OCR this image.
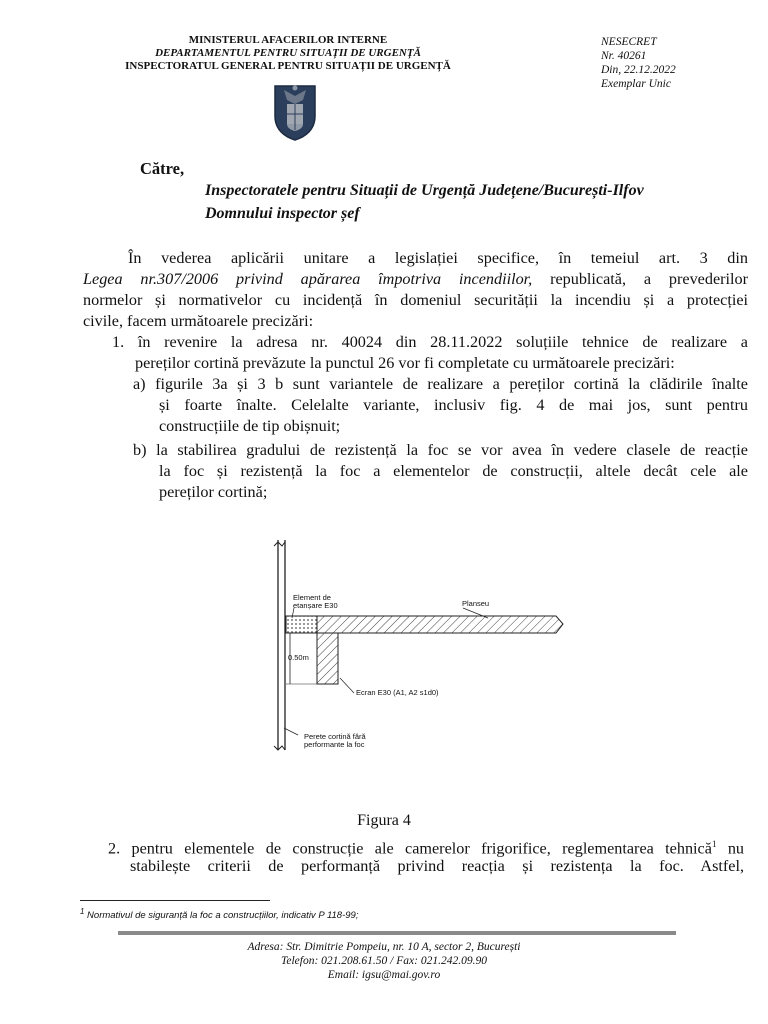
MINISTERUL AFACERILOR INTERNE
DEPARTAMENTUL PENTRU SITUAȚII DE URGENȚĂ
INSPECTORATUL GENERAL PENTRU SITUAȚII DE URGENȚĂ
NESECRET
Nr. 40261
Din, 22.12.2022
Exemplar Unic
Către,
Inspectoratele pentru Situații de Urgență Județene/București-Ilfov
Domnului inspector șef
În vederea aplicării unitare a legislației specifice, în temeiul art. 3 din
Legea nr.307/2006 privind apărarea împotriva incendiilor, republicată, a prevederilor
normelor și normativelor cu incidență în domeniul securității la incendiu și a protecției
civile, facem următoarele precizări:
1. în revenire la adresa nr. 40024 din 28.11.2022 soluțiile tehnice de realizare a
pereților cortină prevăzute la punctul 26 vor fi completate cu următoarele precizări:
a) figurile 3a și 3 b sunt variantele de realizare a pereților cortină la clădirile înalte
și foarte înalte. Celelalte variante, inclusiv fig. 4 de mai jos, sunt pentru
construcțiile de tip obișnuit;
b) la stabilirea gradului de rezistență la foc se vor avea în vedere clasele de reacție
la foc și rezistență la foc a elementelor de construcții, altele decât cele ale
pereților cortină;
Element de
etanșare E30	Planseu
0.50m
Ecran E30 (A1, A2 s1d0)
Perete cortină fără
performante la foc
Figura 4
2. pentru elementele de construcție ale camerelor frigorifice, reglementarea tehnică$^1$ nu
stabilește criterii de performanță privind reacția și rezistența la foc. Astfel,
$^1$ Normativul de siguranță la foc a construcțiilor, indicativ P 118-99;
Adresa: Str. Dimitrie Pompeiu, nr. 10 A, sector 2, București
Telefon: 021.208.61.50 / Fax: 021.242.09.90
Email: igsu@mai.gov.ro
